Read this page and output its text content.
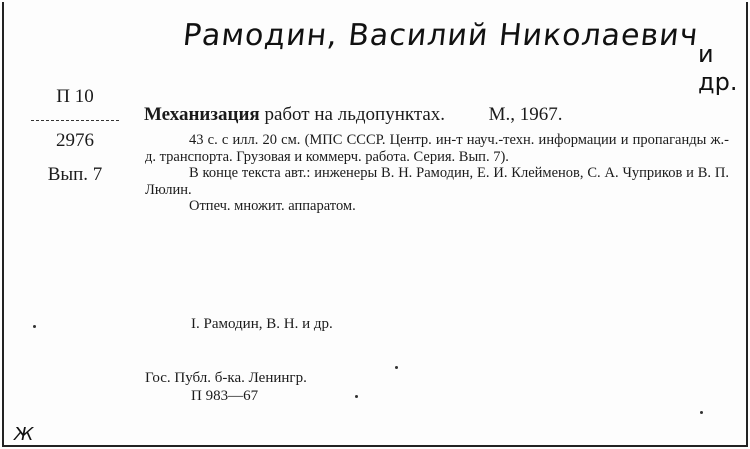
Рамодин, Василий Николаевич
и др.
П 10
2976
Вып. 7
Механизация работ на льдопунктах. М., 1967.

43 с. с илл. 20 см. (МПС СССР. Центр. ин-т науч.-техн. информации и пропаганды ж.-д. транспорта. Грузовая и коммерч. работа. Серия. Вып. 7).

В конце текста авт.: инженеры В. Н. Рамодин, Е. И. Клейменов, С. А. Чуприков и В. П. Люлин.

Отпеч. множит. аппаратом.

I. Рамодин, В. Н. и др.
Гос. Публ. б-ка. Ленингр.
П 983—67
Ж
